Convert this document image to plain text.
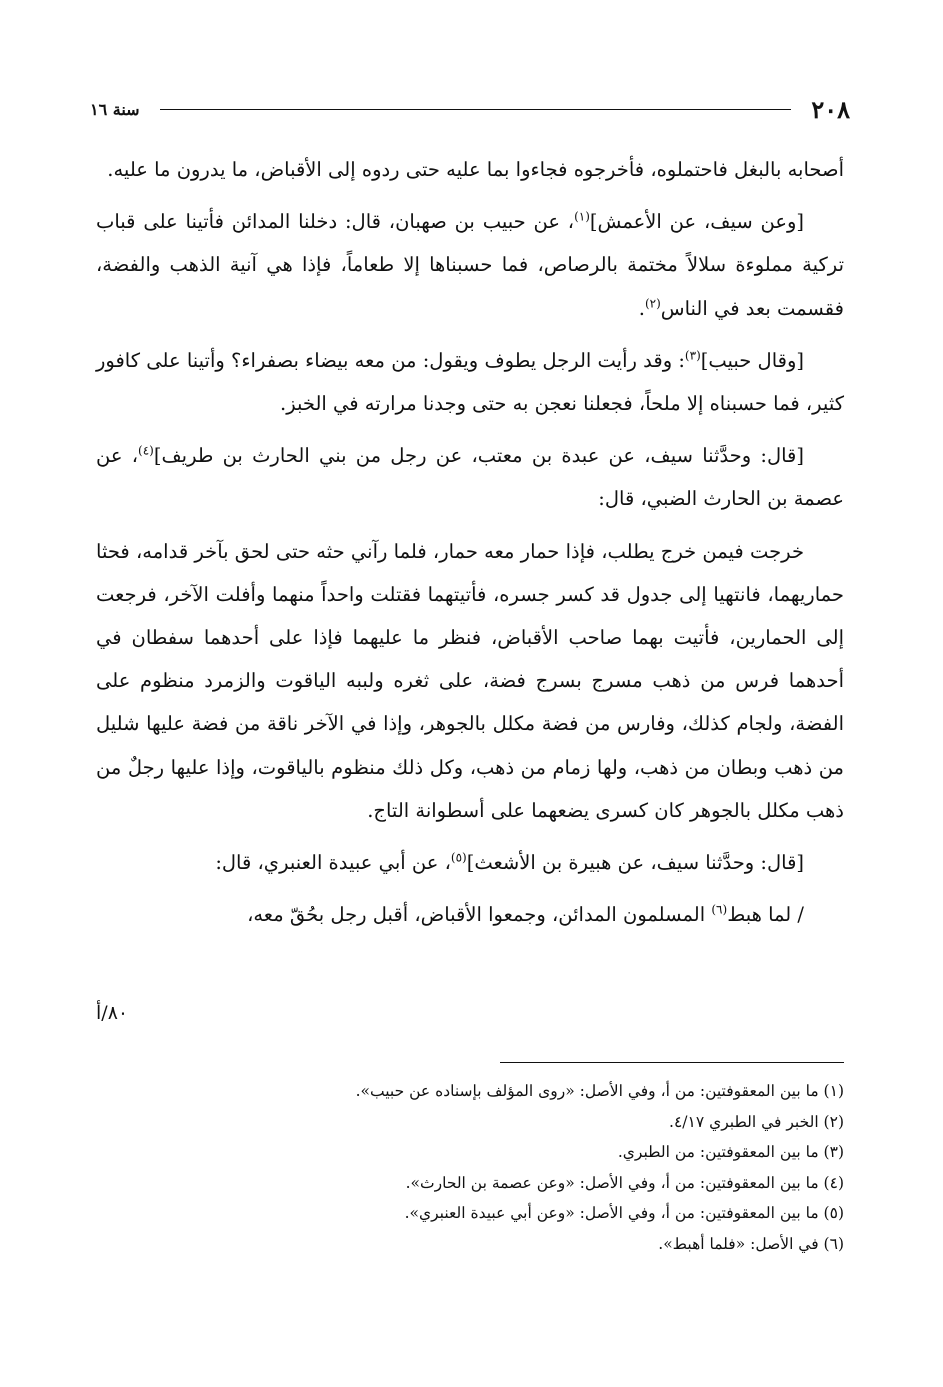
٢٠٨
سنة ١٦

أصحابه بالبغل فاحتملوه، فأخرجوه فجاءوا بما عليه حتى ردوه إلى الأقباض، ما يدرون ما عليه.

[وعن سيف، عن الأعمش]$^{(١)}$، عن حبيب بن صهبان، قال: دخلنا المدائن فأتينا على قباب تركية مملوءة سلالاً مختمة بالرصاص، فما حسبناها إلا طعاماً، فإذا هي آنية الذهب والفضة، فقسمت بعد في الناس$^{(٢)}$.

[وقال حبيب]$^{(٣)}$: وقد رأيت الرجل يطوف ويقول: من معه بيضاء بصفراء؟ وأتينا على كافور كثير، فما حسبناه إلا ملحاً، فجعلنا نعجن به حتى وجدنا مرارته في الخبز.

[قال: وحدَّثنا سيف، عن عبدة بن معتب، عن رجل من بني الحارث بن طريف]$^{(٤)}$، عن عصمة بن الحارث الضبي، قال:

خرجت فيمن خرج يطلب، فإذا حمار معه حمار، فلما رآني حثه حتى لحق بآخر قدامه، فحثا حماريهما، فانتهيا إلى جدول قد كسر جسره، فأتيتهما فقتلت واحداً منهما وأفلت الآخر، فرجعت إلى الحمارين، فأتيت بهما صاحب الأقباض، فنظر ما عليهما فإذا على أحدهما سفطان في أحدهما فرس من ذهب مسرج بسرج فضة، على ثغره ولببه الياقوت والزمرد منظوم على الفضة، ولجام كذلك، وفارس من فضة مكلل بالجوهر، وإذا في الآخر ناقة من فضة عليها شليل من ذهب وبطان من ذهب، ولها زمام من ذهب، وكل ذلك منظوم بالياقوت، وإذا عليها رجلٌ من ذهب مكلل بالجوهر كان كسرى يضعهما على أسطوانة التاج.

[قال: وحدَّثنا سيف، عن هبيرة بن الأشعث]$^{(٥)}$، عن أبي عبيدة العنبري، قال:

/ لما هبط$^{(٦)}$ المسلمون المدائن، وجمعوا الأقباض، أقبل رجل بحُقّ معه،

٨٠/أ
(١) ما بين المعقوفتين: من أ، وفي الأصل: «روى المؤلف بإسناده عن حبيب».
(٢) الخبر في الطبري ٤/١٧.
(٣) ما بين المعقوفتين: من الطبري.
(٤) ما بين المعقوفتين: من أ، وفي الأصل: «وعن عصمة بن الحارث».
(٥) ما بين المعقوفتين: من أ، وفي الأصل: «وعن أبي عبيدة العنبري».
(٦) في الأصل: «فلما أهبط».
